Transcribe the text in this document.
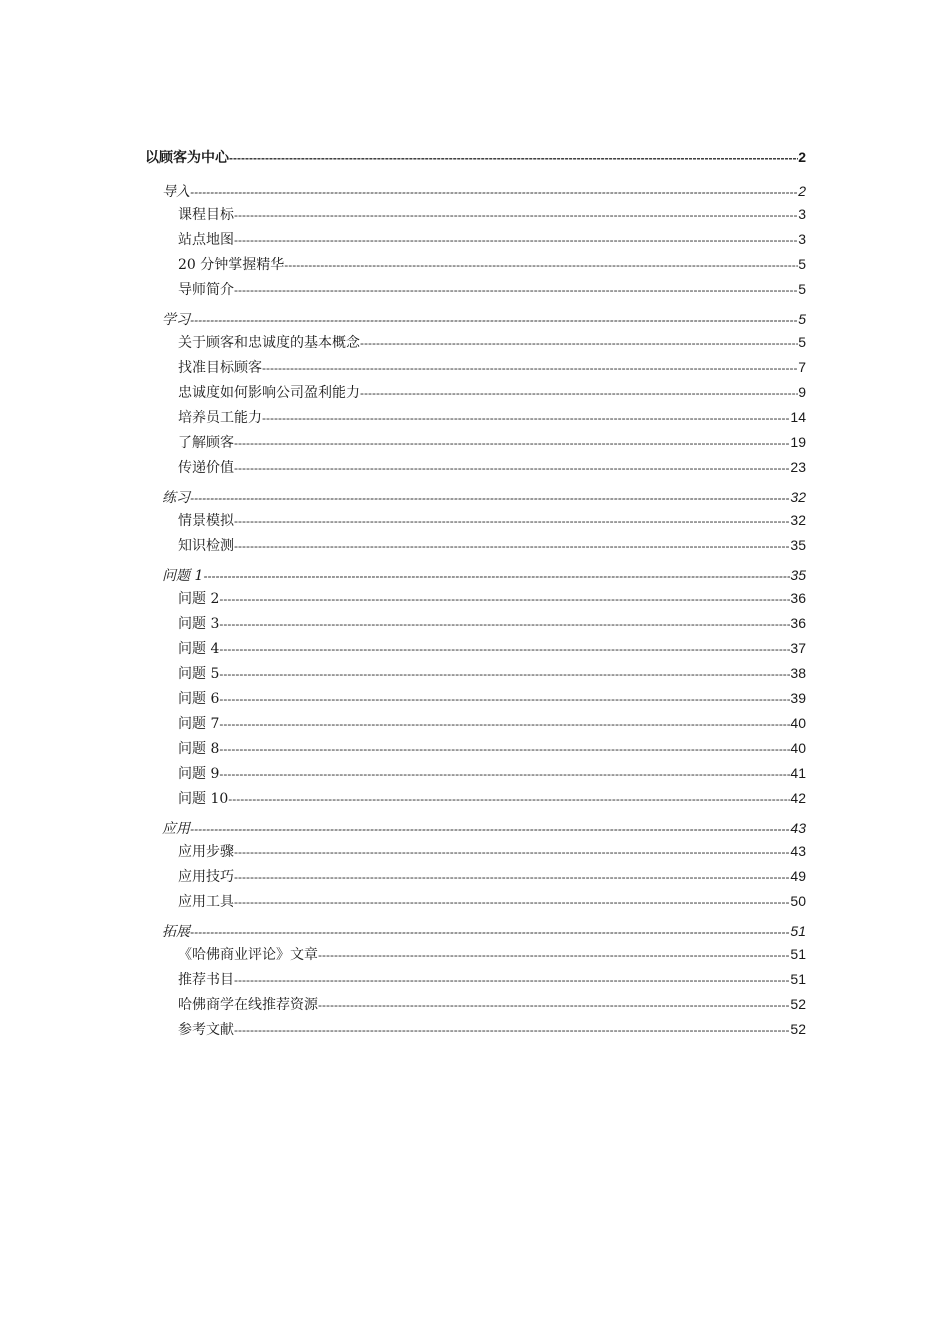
以顾客为中心 -----	2
导入 -----	2
课程目标 -----	3
站点地图 -----	3
20 分钟掌握精华 -----	5
导师简介 -----	5
学习 -----	5
关于顾客和忠诚度的基本概念 -----	5
找准目标顾客 -----	7
忠诚度如何影响公司盈利能力 -----	9
培养员工能力 -----	14
了解顾客 -----	19
传递价值 -----	23
练习 -----	32
情景模拟 -----	32
知识检测 -----	35
问题 1 -----	35
问题 2 -----	36
问题 3 -----	36
问题 4 -----	37
问题 5 -----	38
问题 6 -----	39
问题 7 -----	40
问题 8 -----	40
问题 9 -----	41
问题 10 -----	42
应用 -----	43
应用步骤 -----	43
应用技巧 -----	49
应用工具 -----	50
拓展 -----	51
《哈佛商业评论》文章 -----	51
推荐书目 -----	51
哈佛商学在线推荐资源 -----	52
参考文献 -----	52
